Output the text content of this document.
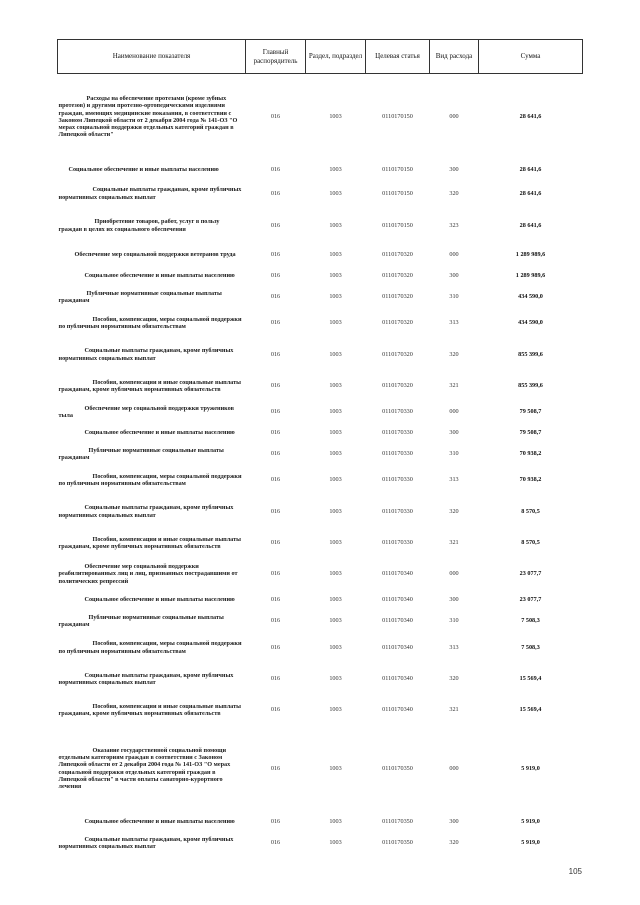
Наименование показателя	Главный распорядитель	Раздел, подраздел	Целевая статья	Вид расхода	Сумма
Расходы на обеспечение протезами (кроме зубных протезов) и другими протезно-ортопедическими изделиями граждан, имеющих медицинские показания, в соответствии с Законом Липецкой области от 2 декабря 2004 года № 141-ОЗ "О мерах социальной поддержки отдельных категорий граждан в Липецкой области"	016	1003	0110170150	000	28 641,6
Социальное обеспечение и иные выплаты населению	016	1003	0110170150	300	28 641,6
Социальные выплаты гражданам, кроме публичных нормативных социальных выплат	016	1003	0110170150	320	28 641,6
Приобретение товаров, работ, услуг в пользу граждан в целях их социального обеспечения	016	1003	0110170150	323	28 641,6
Обеспечение мер социальной поддержки ветеранов труда	016	1003	0110170320	000	1 289 989,6
Социальное обеспечение и иные выплаты населению	016	1003	0110170320	300	1 289 989,6
Публичные нормативные социальные выплаты гражданам	016	1003	0110170320	310	434 590,0
Пособия, компенсации, меры социальной поддержки по публичным нормативным обязательствам	016	1003	0110170320	313	434 590,0
Социальные выплаты гражданам, кроме публичных нормативных социальных выплат	016	1003	0110170320	320	855 399,6
Пособия, компенсации и иные социальные выплаты гражданам, кроме публичных нормативных обязательств	016	1003	0110170320	321	855 399,6
Обеспечение мер социальной поддержки тружеников тыла	016	1003	0110170330	000	79 508,7
Социальное обеспечение и иные выплаты населению	016	1003	0110170330	300	79 508,7
Публичные нормативные социальные выплаты гражданам	016	1003	0110170330	310	70 938,2
Пособия, компенсации, меры социальной поддержки по публичным нормативным обязательствам	016	1003	0110170330	313	70 938,2
Социальные выплаты гражданам, кроме публичных нормативных социальных выплат	016	1003	0110170330	320	8 570,5
Пособия, компенсации и иные социальные выплаты гражданам, кроме публичных нормативных обязательств	016	1003	0110170330	321	8 570,5
Обеспечение мер социальной поддержки реабилитированных лиц и лиц, признанных пострадавшими от политических репрессий	016	1003	0110170340	000	23 077,7
Социальное обеспечение и иные выплаты населению	016	1003	0110170340	300	23 077,7
Публичные нормативные социальные выплаты гражданам	016	1003	0110170340	310	7 508,3
Пособия, компенсации, меры социальной поддержки по публичным нормативным обязательствам	016	1003	0110170340	313	7 508,3
Социальные выплаты гражданам, кроме публичных нормативных социальных выплат	016	1003	0110170340	320	15 569,4
Пособия, компенсации и иные социальные выплаты гражданам, кроме публичных нормативных обязательств	016	1003	0110170340	321	15 569,4
Оказание государственной социальной помощи отдельным категориям граждан в соответствии с Законом Липецкой области от 2 декабря 2004 года № 141-ОЗ "О мерах социальной поддержки отдельных категорий граждан в Липецкой области" в части оплаты санаторно-курортного лечения	016	1003	0110170350	000	5 919,0
Социальное обеспечение и иные выплаты населению	016	1003	0110170350	300	5 919,0
Социальные выплаты гражданам, кроме публичных нормативных социальных выплат	016	1003	0110170350	320	5 919,0
105
